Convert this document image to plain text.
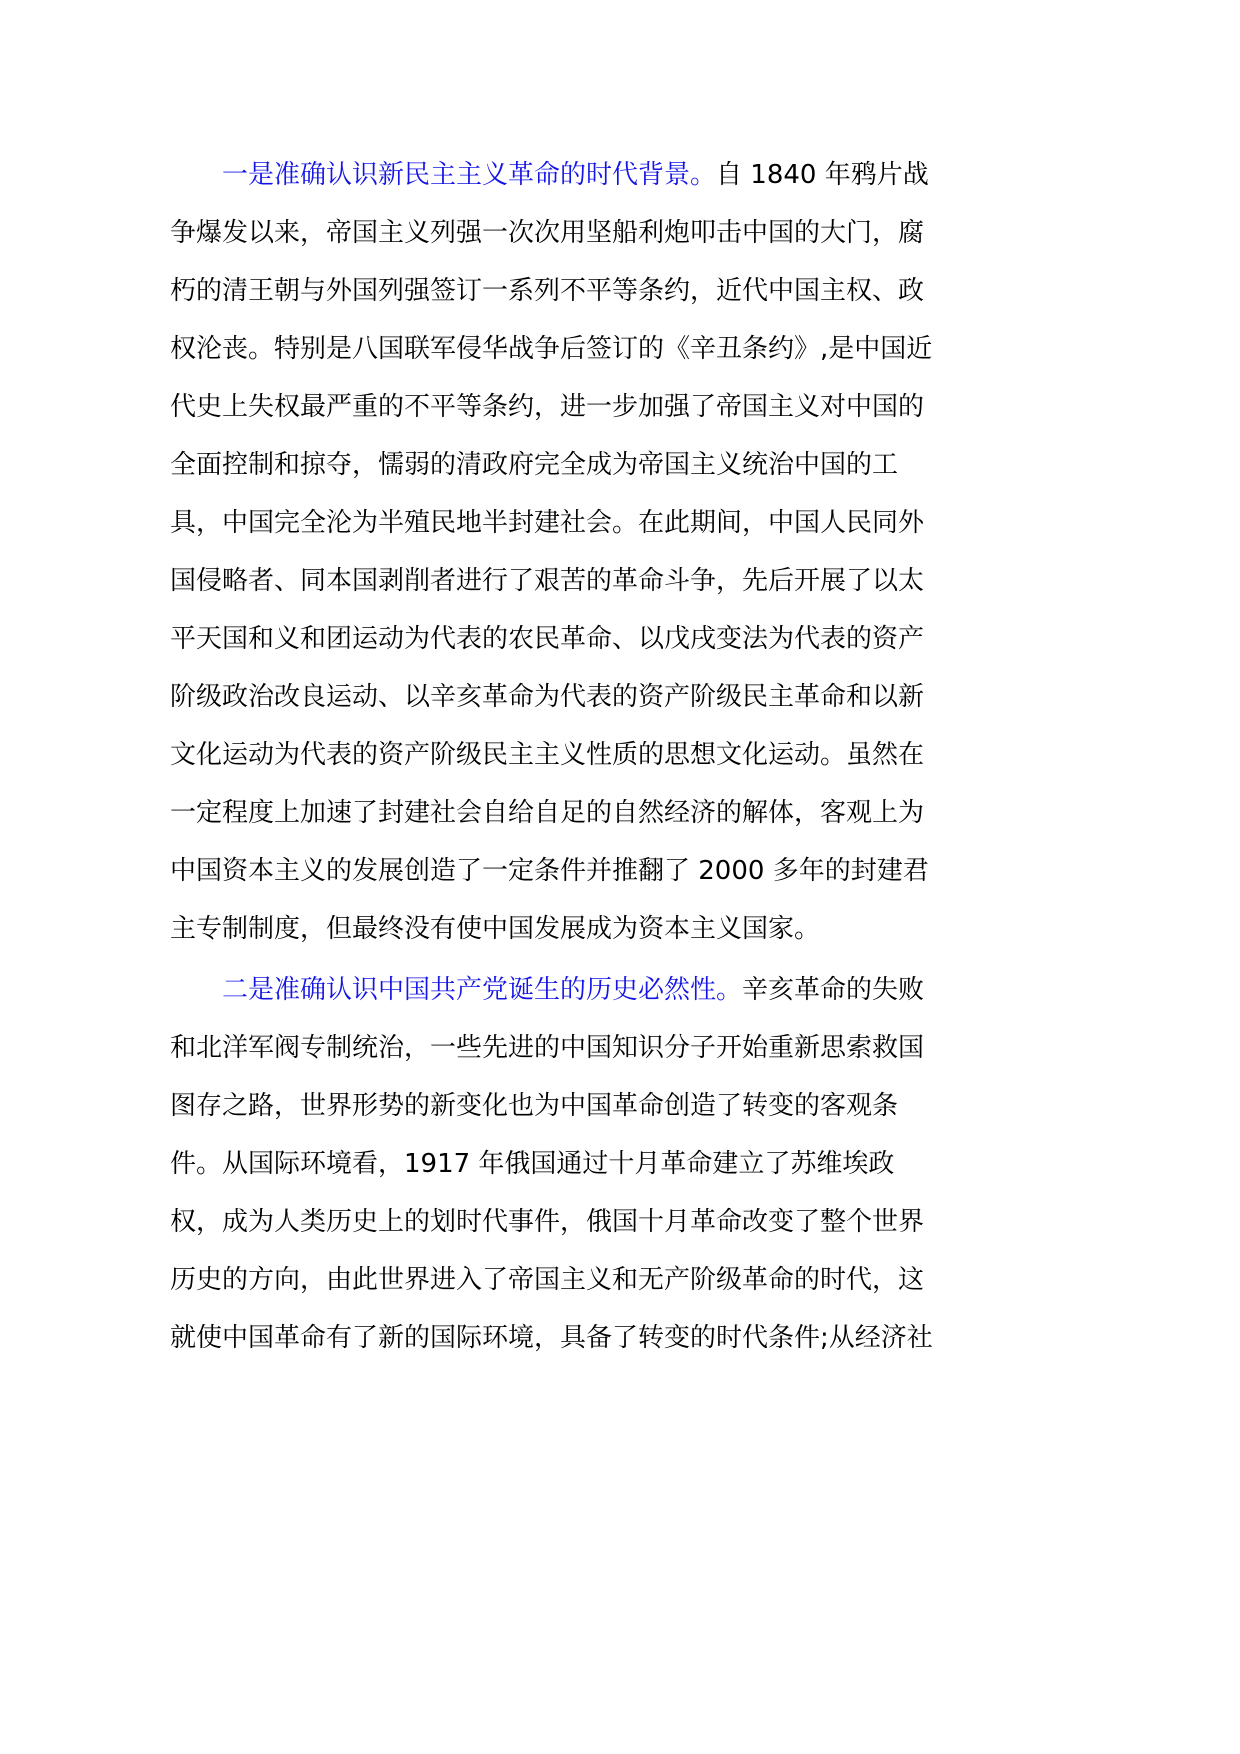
一是准确认识新民主主义革命的时代背景。自 1840 年鸦片战
争爆发以来，帝国主义列强一次次用坚船利炮叩击中国的大门，腐
朽的清王朝与外国列强签订一系列不平等条约，近代中国主权、政
权沦丧。特别是八国联军侵华战争后签订的《辛丑条约》,是中国近
代史上失权最严重的不平等条约，进一步加强了帝国主义对中国的
全面控制和掠夺，懦弱的清政府完全成为帝国主义统治中国的工
具，中国完全沦为半殖民地半封建社会。在此期间，中国人民同外
国侵略者、同本国剥削者进行了艰苦的革命斗争，先后开展了以太
平天国和义和团运动为代表的农民革命、以戊戌变法为代表的资产
阶级政治改良运动、以辛亥革命为代表的资产阶级民主革命和以新
文化运动为代表的资产阶级民主主义性质的思想文化运动。虽然在
一定程度上加速了封建社会自给自足的自然经济的解体，客观上为
中国资本主义的发展创造了一定条件并推翻了 2000 多年的封建君
主专制制度，但最终没有使中国发展成为资本主义国家。
二是准确认识中国共产党诞生的历史必然性。辛亥革命的失败
和北洋军阀专制统治，一些先进的中国知识分子开始重新思索救国
图存之路，世界形势的新变化也为中国革命创造了转变的客观条
件。从国际环境看，1917 年俄国通过十月革命建立了苏维埃政
权，成为人类历史上的划时代事件，俄国十月革命改变了整个世界
历史的方向，由此世界进入了帝国主义和无产阶级革命的时代，这
就使中国革命有了新的国际环境，具备了转变的时代条件;从经济社
